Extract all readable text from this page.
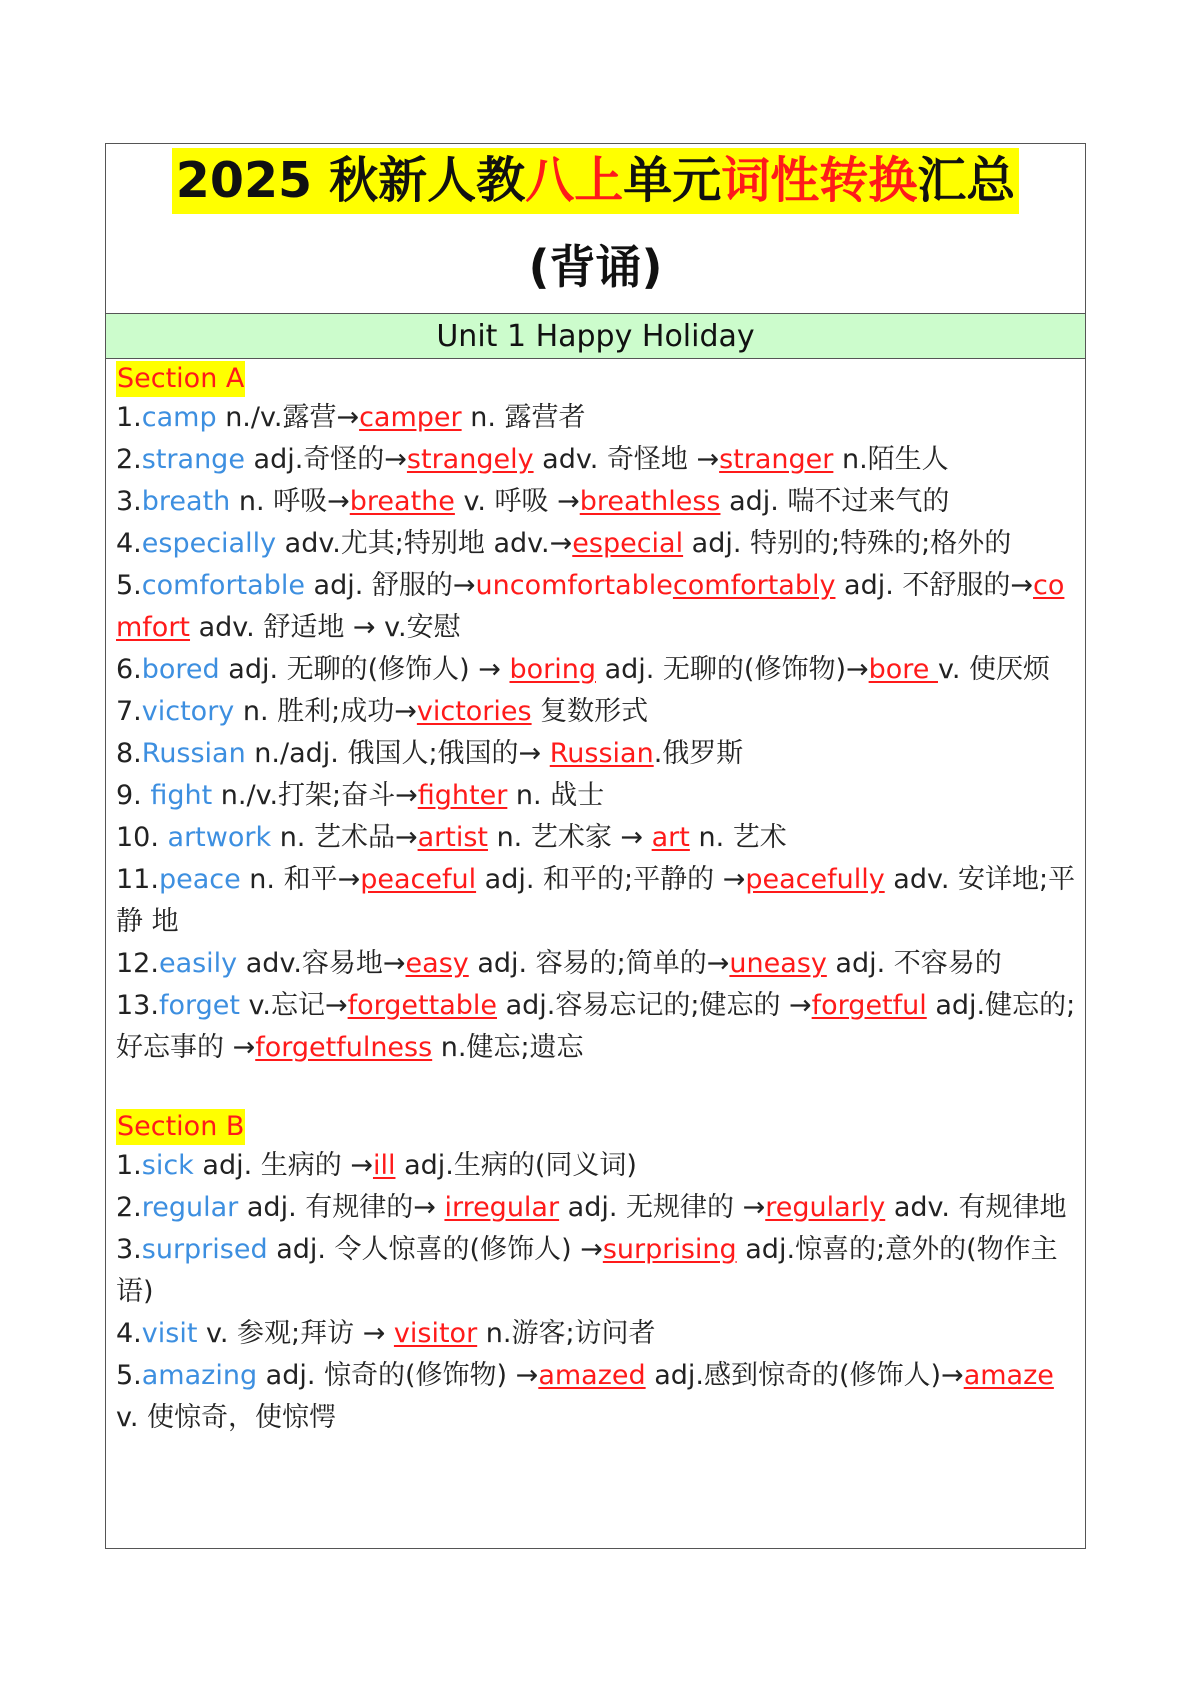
2025 秋新人教八上单元词性转换汇总
(背诵)
Unit 1 Happy Holiday
Section A
1.camp n./v.露营→camper n. 露营者
2.strange adj.奇怪的→strangely adv. 奇怪地 →stranger n.陌生人
3.breath n. 呼吸→breathe v. 呼吸 →breathless adj. 喘不过来气的
4.especially adv.尤其;特别地 adv.→especial adj. 特别的;特殊的;格外的
5.comfortable adj. 舒服的→uncomfortablecomfortably adj. 不舒服的→comfort adv. 舒适地 → v.安慰
6.bored adj. 无聊的(修饰人) → boring adj. 无聊的(修饰物)→bore v. 使厌烦
7.victory n. 胜利;成功→victories 复数形式
8.Russian n./adj. 俄国人;俄国的→ Russian.俄罗斯
9. fight n./v.打架;奋斗→fighter n. 战士
10. artwork n. 艺术品→artist n. 艺术家 → art n. 艺术
11.peace n. 和平→peaceful adj. 和平的;平静的 →peacefully adv. 安详地;平静 地
12.easily adv.容易地→easy adj. 容易的;简单的→uneasy adj. 不容易的
13.forget v.忘记→forgettable adj.容易忘记的;健忘的 →forgetful adj.健忘的; 好忘事的 →forgetfulness n.健忘;遗忘
Section B
1.sick adj. 生病的 →ill adj.生病的(同义词)
2.regular adj. 有规律的→ irregular adj. 无规律的 →regularly adv. 有规律地
3.surprised adj. 令人惊喜的(修饰人) →surprising adj.惊喜的;意外的(物作主语)
4.visit v. 参观;拜访 → visitor n.游客;访问者
5.amazing adj. 惊奇的(修饰物) →amazed adj.感到惊奇的(修饰人)→amaze v. 使惊奇，使惊愕
